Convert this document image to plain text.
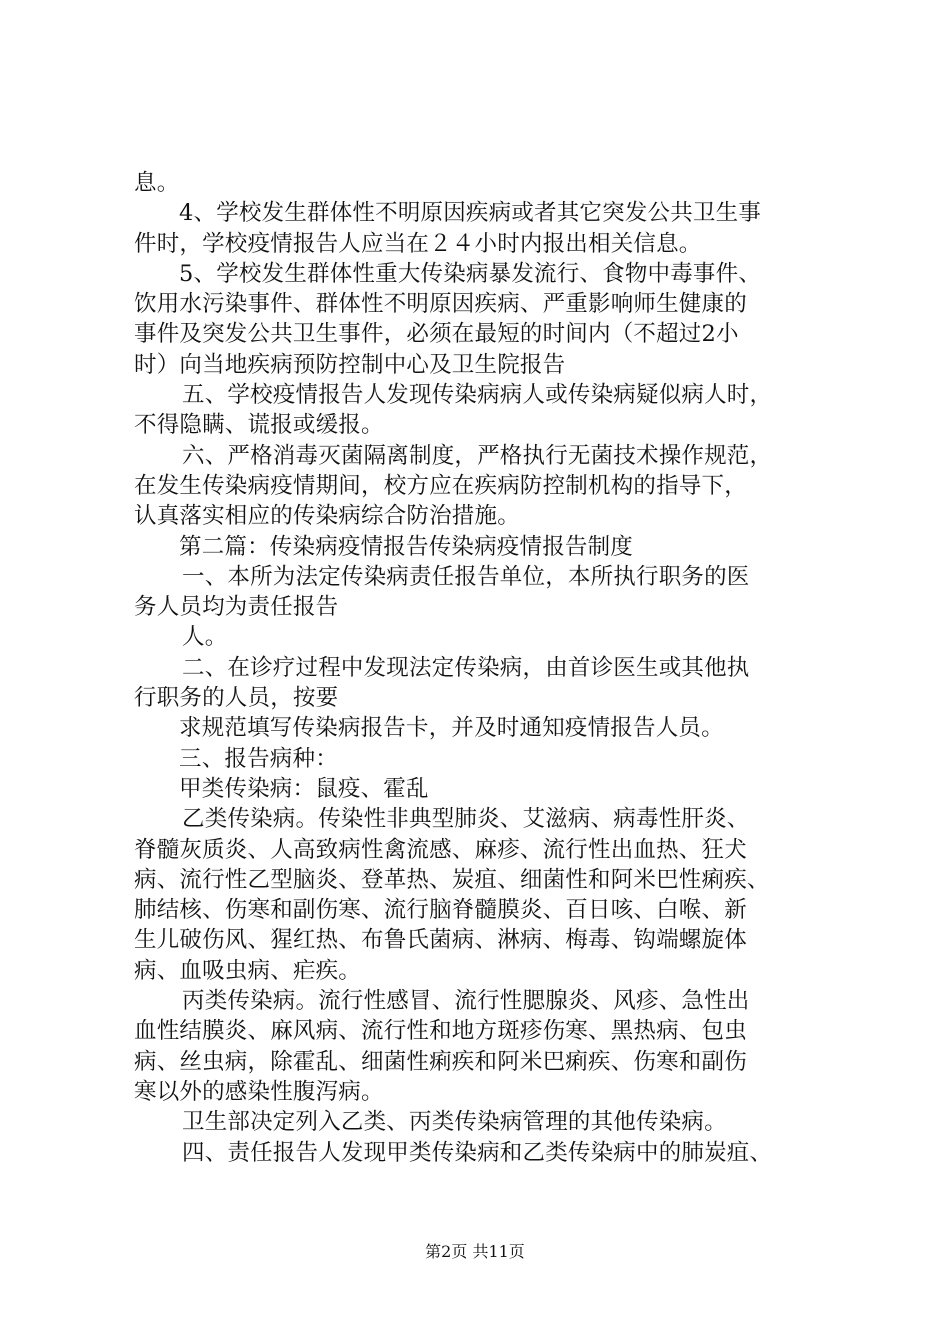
息。
4、学校发生群体性不明原因疾病或者其它突发公共卫生事
件时，学校疫情报告人应当在２４小时内报出相关信息。
5、学校发生群体性重大传染病暴发流行、食物中毒事件、
饮用水污染事件、群体性不明原因疾病、严重影响师生健康的
事件及突发公共卫生事件，必须在最短的时间内（不超过2小
时）向当地疾病预防控制中心及卫生院报告
五、学校疫情报告人发现传染病病人或传染病疑似病人时，
不得隐瞒、谎报或缓报。
六、严格消毒灭菌隔离制度，严格执行无菌技术操作规范，
在发生传染病疫情期间，校方应在疾病防控制机构的指导下，
认真落实相应的传染病综合防治措施。
第二篇：传染病疫情报告传染病疫情报告制度
一、本所为法定传染病责任报告单位，本所执行职务的医
务人员均为责任报告
人。
二、在诊疗过程中发现法定传染病，由首诊医生或其他执
行职务的人员，按要
求规范填写传染病报告卡，并及时通知疫情报告人员。
三、报告病种：
甲类传染病：鼠疫、霍乱
乙类传染病。传染性非典型肺炎、艾滋病、病毒性肝炎、
脊髓灰质炎、人高致病性禽流感、麻疹、流行性出血热、狂犬
病、流行性乙型脑炎、登革热、炭疽、细菌性和阿米巴性痢疾、
肺结核、伤寒和副伤寒、流行脑脊髓膜炎、百日咳、白喉、新
生儿破伤风、猩红热、布鲁氏菌病、淋病、梅毒、钩端螺旋体
病、血吸虫病、疟疾。
丙类传染病。流行性感冒、流行性腮腺炎、风疹、急性出
血性结膜炎、麻风病、流行性和地方斑疹伤寒、黑热病、包虫
病、丝虫病，除霍乱、细菌性痢疾和阿米巴痢疾、伤寒和副伤
寒以外的感染性腹泻病。
卫生部决定列入乙类、丙类传染病管理的其他传染病。
四、责任报告人发现甲类传染病和乙类传染病中的肺炭疽、
第2页 共11页
